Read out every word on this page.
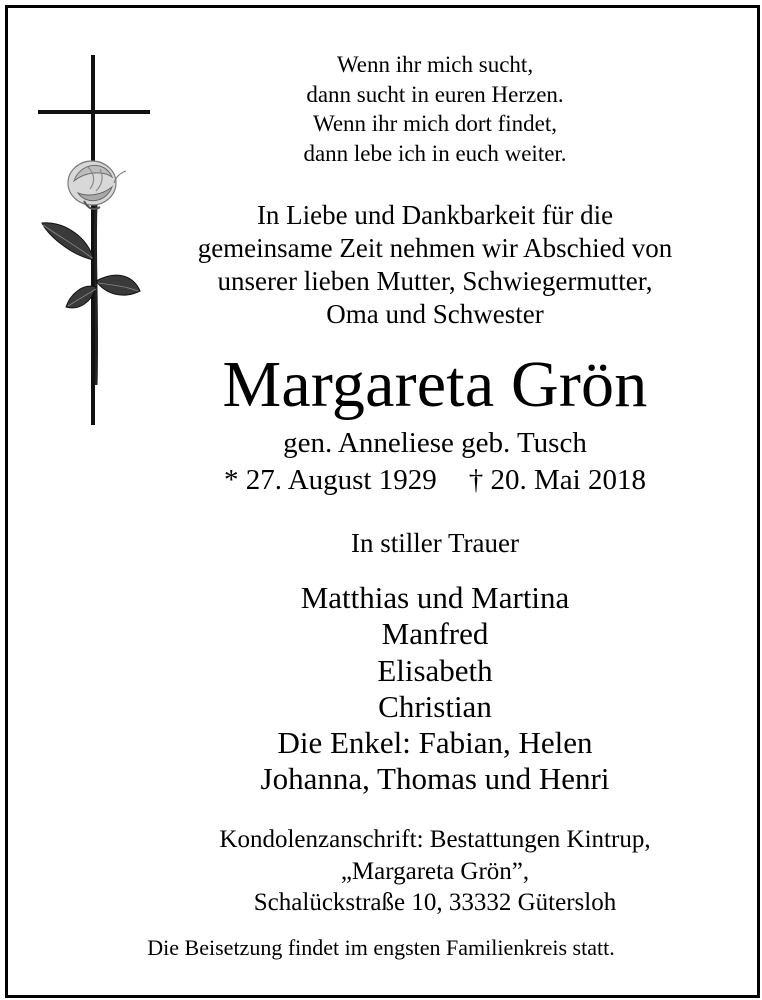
Wenn ihr mich sucht,
dann sucht in euren Herzen.
Wenn ihr mich dort findet,
dann lebe ich in euch weiter.
In Liebe und Dankbarkeit für die
gemeinsame Zeit nehmen wir Abschied von
unserer lieben Mutter, Schwiegermutter,
Oma und Schwester
Margareta Grön
gen. Anneliese geb. Tusch
* 27. August 1929 † 20. Mai 2018
In stiller Trauer
Matthias und Martina
Manfred
Elisabeth
Christian
Die Enkel: Fabian, Helen
Johanna, Thomas und Henri
Kondolenzanschrift: Bestattungen Kintrup,
„Margareta Grön”,
Schalückstraße 10, 33332 Gütersloh
Die Beisetzung findet im engsten Familienkreis statt.
